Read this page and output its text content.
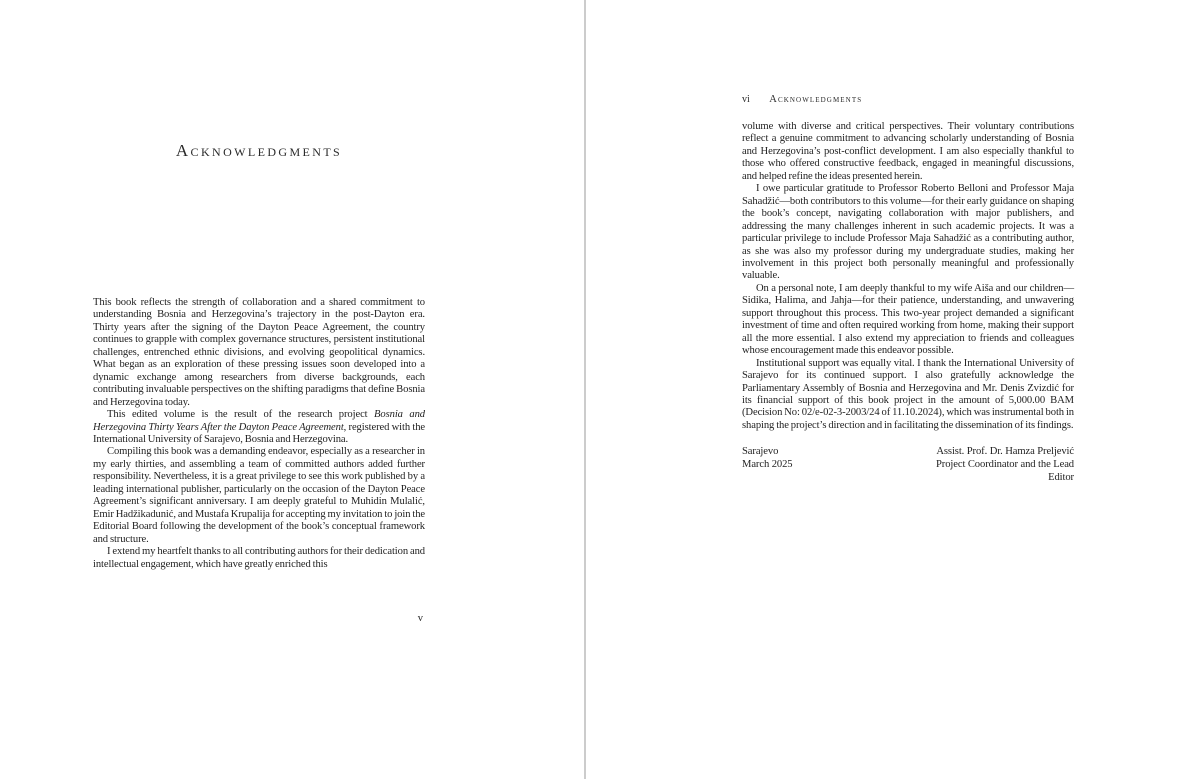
Acknowledgments

This book reflects the strength of collaboration and a shared commitment to understanding Bosnia and Herzegovina’s trajectory in the post-Dayton era. Thirty years after the signing of the Dayton Peace Agreement, the country continues to grapple with complex governance structures, persistent institutional challenges, entrenched ethnic divisions, and evolving geopolitical dynamics. What began as an exploration of these pressing issues soon developed into a dynamic exchange among researchers from diverse backgrounds, each contributing invaluable perspectives on the shifting paradigms that define Bosnia and Herzegovina today.

This edited volume is the result of the research project Bosnia and Herzegovina Thirty Years After the Dayton Peace Agreement, registered with the International University of Sarajevo, Bosnia and Herzegovina.

Compiling this book was a demanding endeavor, especially as a researcher in my early thirties, and assembling a team of committed authors added further responsibility. Nevertheless, it is a great privilege to see this work published by a leading international publisher, particularly on the occasion of the Dayton Peace Agreement’s significant anniversary. I am deeply grateful to Muhidin Mulalić, Emir Hadžikadunić, and Mustafa Krupalija for accepting my invitation to join the Editorial Board following the development of the book’s conceptual framework and structure.

I extend my heartfelt thanks to all contributing authors for their dedication and intellectual engagement, which have greatly enriched this

v
vi Acknowledgments

volume with diverse and critical perspectives. Their voluntary contributions reflect a genuine commitment to advancing scholarly understanding of Bosnia and Herzegovina’s post-conflict development. I am also especially thankful to those who offered constructive feedback, engaged in meaningful discussions, and helped refine the ideas presented herein.

I owe particular gratitude to Professor Roberto Belloni and Professor Maja Sahadžić—both contributors to this volume—for their early guidance on shaping the book’s concept, navigating collaboration with major publishers, and addressing the many challenges inherent in such academic projects. It was a particular privilege to include Professor Maja Sahadžić as a contributing author, as she was also my professor during my undergraduate studies, making her involvement in this project both personally meaningful and professionally valuable.

On a personal note, I am deeply thankful to my wife Aiša and our children—Sidika, Halima, and Jahja—for their patience, understanding, and unwavering support throughout this process. This two-year project demanded a significant investment of time and often required working from home, making their support all the more essential. I also extend my appreciation to friends and colleagues whose encouragement made this endeavor possible.

Institutional support was equally vital. I thank the International University of Sarajevo for its continued support. I also gratefully acknowledge the Parliamentary Assembly of Bosnia and Herzegovina and Mr. Denis Zvizdić for its financial support of this book project in the amount of 5,000.00 BAM (Decision No: 02/e-02-3-2003/24 of 11.10.2024), which was instrumental both in shaping the project’s direction and in facilitating the dissemination of its findings.

Sarajevo
March 2025
Assist. Prof. Dr. Hamza Preljević
Project Coordinator and the Lead
Editor
